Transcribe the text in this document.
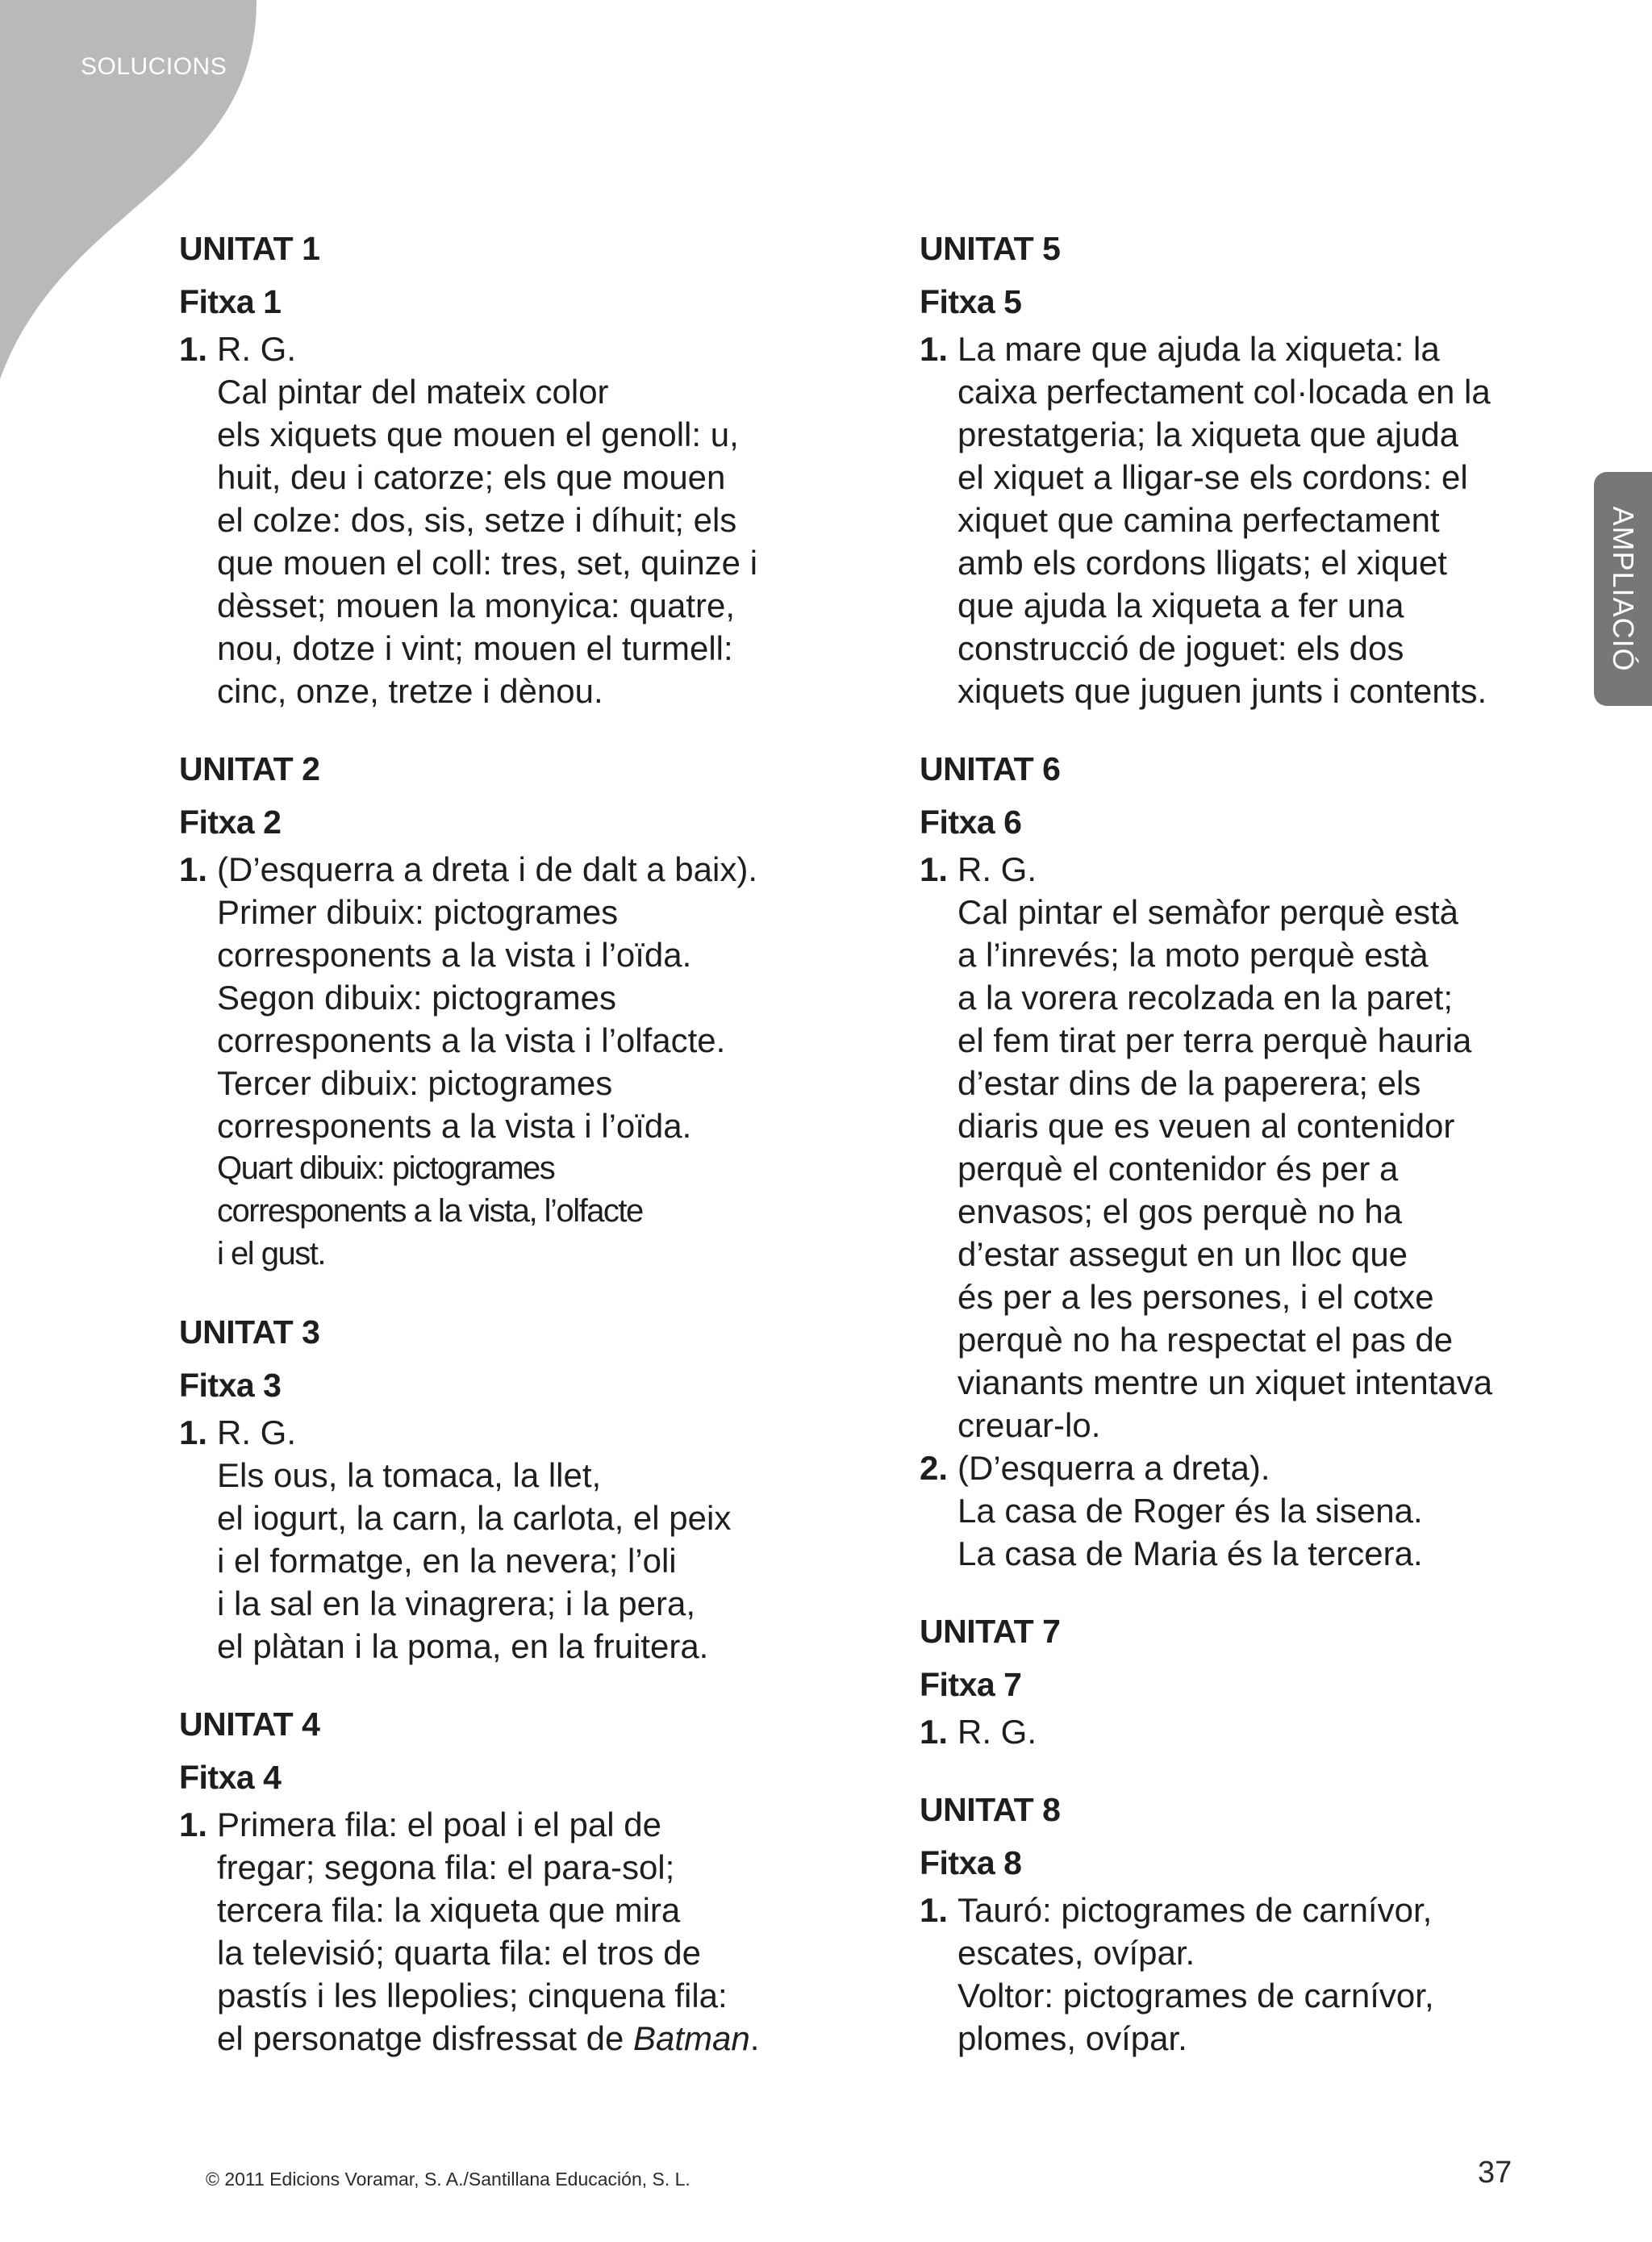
SOLUCIONS
AMPLIACIÓ
UNITAT 1
Fitxa 1
1. R. G.
Cal pintar del mateix color
els xiquets que mouen el genoll: u,
huit, deu i catorze; els que mouen
el colze: dos, sis, setze i díhuit; els
que mouen el coll: tres, set, quinze i
dèsset; mouen la monyica: quatre,
nou, dotze i vint; mouen el turmell:
cinc, onze, tretze i dènou.
UNITAT 2
Fitxa 2
1. (D’esquerra a dreta i de dalt a baix).
Primer dibuix: pictogrames
corresponents a la vista i l’oïda.
Segon dibuix: pictogrames
corresponents a la vista i l’olfacte.
Tercer dibuix: pictogrames
corresponents a la vista i l’oïda.
Quart dibuix: pictogrames
corresponents a la vista, l’olfacte
i el gust.
UNITAT 3
Fitxa 3
1. R. G.
Els ous, la tomaca, la llet,
el iogurt, la carn, la carlota, el peix
i el formatge, en la nevera; l’oli
i la sal en la vinagrera; i la pera,
el plàtan i la poma, en la fruitera.
UNITAT 4
Fitxa 4
1. Primera fila: el poal i el pal de
fregar; segona fila: el para-sol;
tercera fila: la xiqueta que mira
la televisió; quarta fila: el tros de
pastís i les llepolies; cinquena fila:
el personatge disfressat de Batman.
UNITAT 5
Fitxa 5
1. La mare que ajuda la xiqueta: la
caixa perfectament col·locada en la
prestatgeria; la xiqueta que ajuda
el xiquet a lligar-se els cordons: el
xiquet que camina perfectament
amb els cordons lligats; el xiquet
que ajuda la xiqueta a fer una
construcció de joguet: els dos
xiquets que juguen junts i contents.
UNITAT 6
Fitxa 6
1. R. G.
Cal pintar el semàfor perquè està
a l’inrevés; la moto perquè està
a la vorera recolzada en la paret;
el fem tirat per terra perquè hauria
d’estar dins de la paperera; els
diaris que es veuen al contenidor
perquè el contenidor és per a
envasos; el gos perquè no ha
d’estar assegut en un lloc que
és per a les persones, i el cotxe
perquè no ha respectat el pas de
vianants mentre un xiquet intentava
creuar-lo.
2. (D’esquerra a dreta).
La casa de Roger és la sisena.
La casa de Maria és la tercera.
UNITAT 7
Fitxa 7
1. R. G.
UNITAT 8
Fitxa 8
1. Tauró: pictogrames de carnívor,
escates, ovípar.
Voltor: pictogrames de carnívor,
plomes, ovípar.
© 2011 Edicions Voramar, S. A./Santillana Educación, S. L.	37
